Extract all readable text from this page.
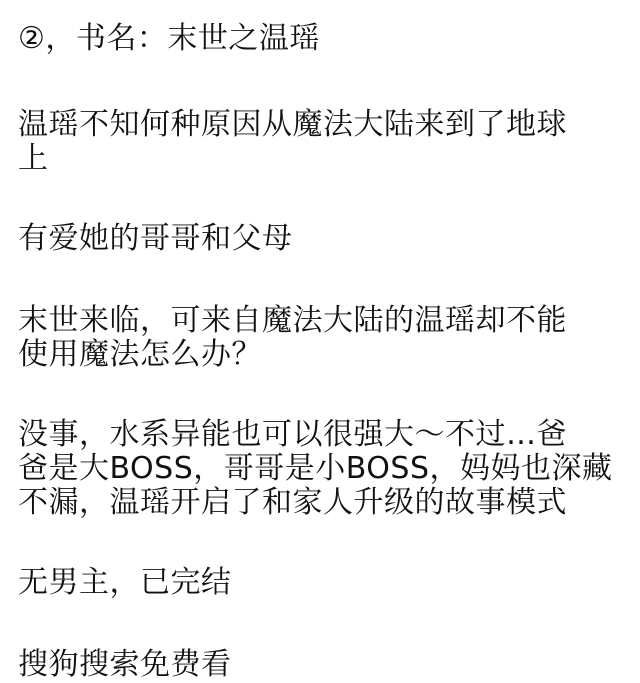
②，书名：末世之温瑶
温瑶不知何种原因从魔法大陆来到了地球
上
有爱她的哥哥和父母
末世来临，可来自魔法大陆的温瑶却不能
使用魔法怎么办？
没事，水系异能也可以很强大～不过…爸
爸是大BOSS，哥哥是小BOSS，妈妈也深藏
不漏，温瑶开启了和家人升级的故事模式
无男主，已完结
搜狗搜索免费看
